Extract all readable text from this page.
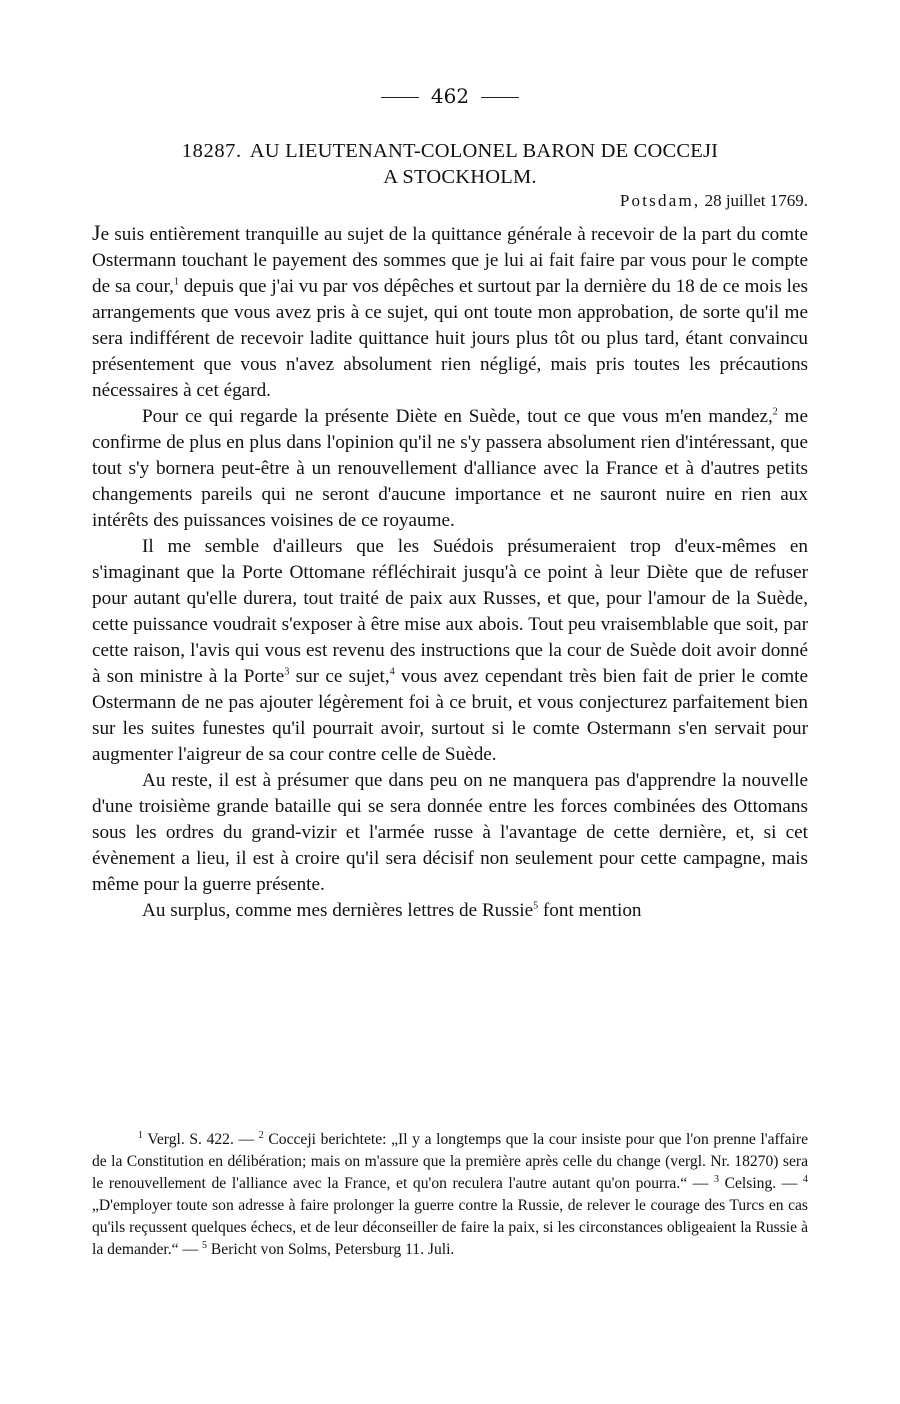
462
18287. AU LIEUTENANT-COLONEL BARON DE COCCEJI
A STOCKHOLM.
Potsdam, 28 juillet 1769.

Je suis entièrement tranquille au sujet de la quittance générale à recevoir de la part du comte Ostermann touchant le payement des sommes que je lui ai fait faire par vous pour le compte de sa cour,$^1$ depuis que j'ai vu par vos dépêches et surtout par la dernière du 18 de ce mois les arrangements que vous avez pris à ce sujet, qui ont toute mon approbation, de sorte qu'il me sera indifférent de recevoir ladite quittance huit jours plus tôt ou plus tard, étant convaincu présentement que vous n'avez absolument rien négligé, mais pris toutes les précautions nécessaires à cet égard.

Pour ce qui regarde la présente Diète en Suède, tout ce que vous m'en mandez,$^2$ me confirme de plus en plus dans l'opinion qu'il ne s'y passera absolument rien d'intéressant, que tout s'y bornera peut-être à un renouvellement d'alliance avec la France et à d'autres petits changements pareils qui ne seront d'aucune importance et ne sauront nuire en rien aux intérêts des puissances voisines de ce royaume.

Il me semble d'ailleurs que les Suédois présumeraient trop d'eux-mêmes en s'imaginant que la Porte Ottomane réfléchirait jusqu'à ce point à leur Diète que de refuser pour autant qu'elle durera, tout traité de paix aux Russes, et que, pour l'amour de la Suède, cette puissance voudrait s'exposer à être mise aux abois. Tout peu vraisemblable que soit, par cette raison, l'avis qui vous est revenu des instructions que la cour de Suède doit avoir donné à son ministre à la Porte$^3$ sur ce sujet,$^4$ vous avez cependant très bien fait de prier le comte Ostermann de ne pas ajouter légèrement foi à ce bruit, et vous conjecturez parfaitement bien sur les suites funestes qu'il pourrait avoir, surtout si le comte Ostermann s'en servait pour augmenter l'aigreur de sa cour contre celle de Suède.

Au reste, il est à présumer que dans peu on ne manquera pas d'apprendre la nouvelle d'une troisième grande bataille qui se sera donnée entre les forces combinées des Ottomans sous les ordres du grand-vizir et l'armée russe à l'avantage de cette dernière, et, si cet évènement a lieu, il est à croire qu'il sera décisif non seulement pour cette campagne, mais même pour la guerre présente.

Au surplus, comme mes dernières lettres de Russie$^5$ font mention

$^1$ Vergl. S. 422. — $^2$ Cocceji berichtete: „Il y a longtemps que la cour insiste pour que l'on prenne l'affaire de la Constitution en délibération; mais on m'assure que la première après celle du change (vergl. Nr. 18270) sera le renouvellement de l'alliance avec la France, et qu'on reculera l'autre autant qu'on pourra.“ — $^3$ Celsing. — $^4$ „D'employer toute son adresse à faire prolonger la guerre contre la Russie, de relever le courage des Turcs en cas qu'ils reçussent quelques échecs, et de leur déconseiller de faire la paix, si les circonstances obligeaient la Russie à la demander.“ — $^5$ Bericht von Solms, Petersburg 11. Juli.
